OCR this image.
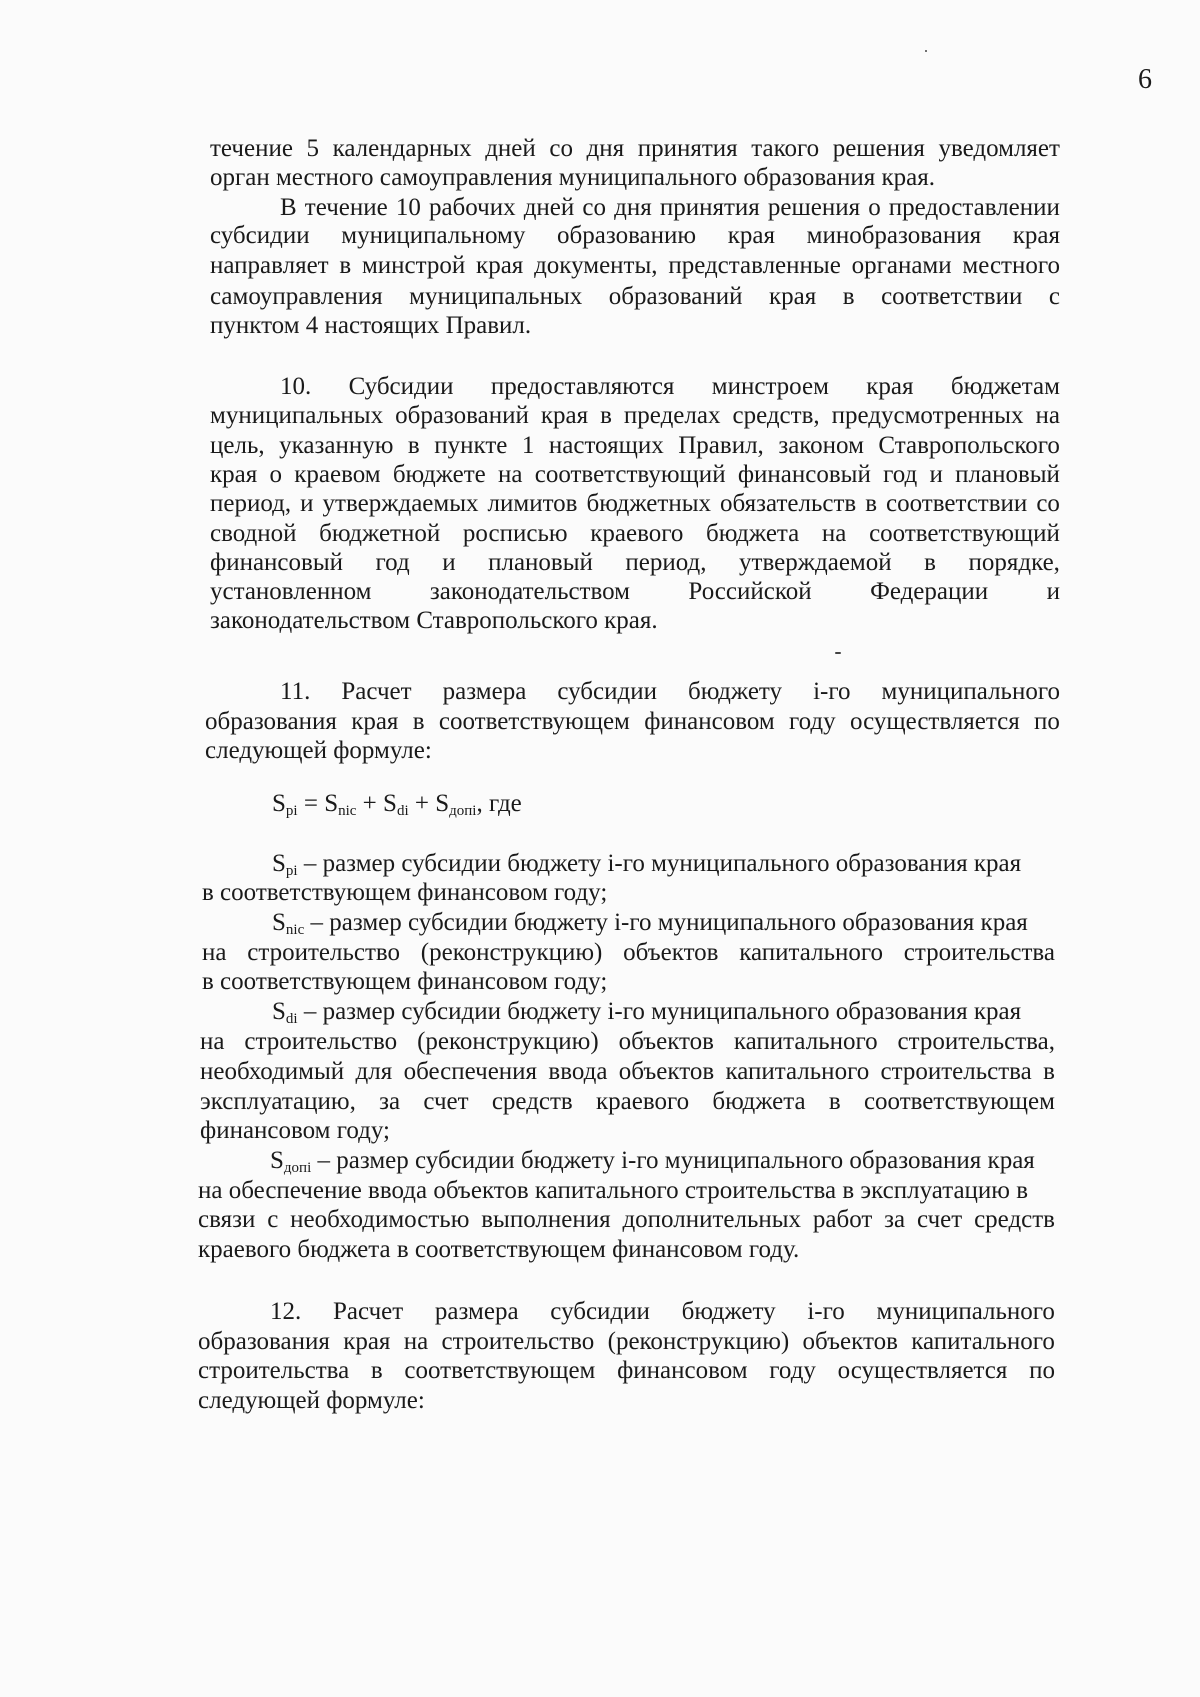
6
течение 5 календарных дней со дня принятия такого решения уведомляет
орган местного самоуправления муниципального образования края.
В течение 10 рабочих дней со дня принятия решения о предоставлении
субсидии муниципальному образованию края минобразования края
направляет в минстрой края документы, представленные органами местного
самоуправления муниципальных образований края в соответствии с
пунктом 4 настоящих Правил.
10. Субсидии предоставляются минстроем края бюджетам
муниципальных образований края в пределах средств, предусмотренных на
цель, указанную в пункте 1 настоящих Правил, законом Ставропольского
края о краевом бюджете на соответствующий финансовый год и плановый
период, и утверждаемых лимитов бюджетных обязательств в соответствии со
сводной бюджетной росписью краевого бюджета на соответствующий
финансовый год и плановый период, утверждаемой в порядке,
установленном законодательством Российской Федерации и
законодательством Ставропольского края.
11. Расчет размера субсидии бюджету i-го муниципального
образования края в соответствующем финансовом году осуществляется по
следующей формуле:
$S_{pi} = S_{nic} + S_{di} + S_{допi}$, где
$S_{pi}$ – размер субсидии бюджету i-го муниципального образования края
в соответствующем финансовом году;
$S_{nic}$ – размер субсидии бюджету i-го муниципального образования края
на строительство (реконструкцию) объектов капитального строительства
в соответствующем финансовом году;
$S_{di}$ – размер субсидии бюджету i-го муниципального образования края
на строительство (реконструкцию) объектов капитального строительства,
необходимый для обеспечения ввода объектов капитального строительства в
эксплуатацию, за счет средств краевого бюджета в соответствующем
финансовом году;
$S_{допi}$ – размер субсидии бюджету i-го муниципального образования края
на обеспечение ввода объектов капитального строительства в эксплуатацию в
связи с необходимостью выполнения дополнительных работ за счет средств
краевого бюджета в соответствующем финансовом году.
12. Расчет размера субсидии бюджету i-го муниципального
образования края на строительство (реконструкцию) объектов капитального
строительства в соответствующем финансовом году осуществляется по
следующей формуле:
